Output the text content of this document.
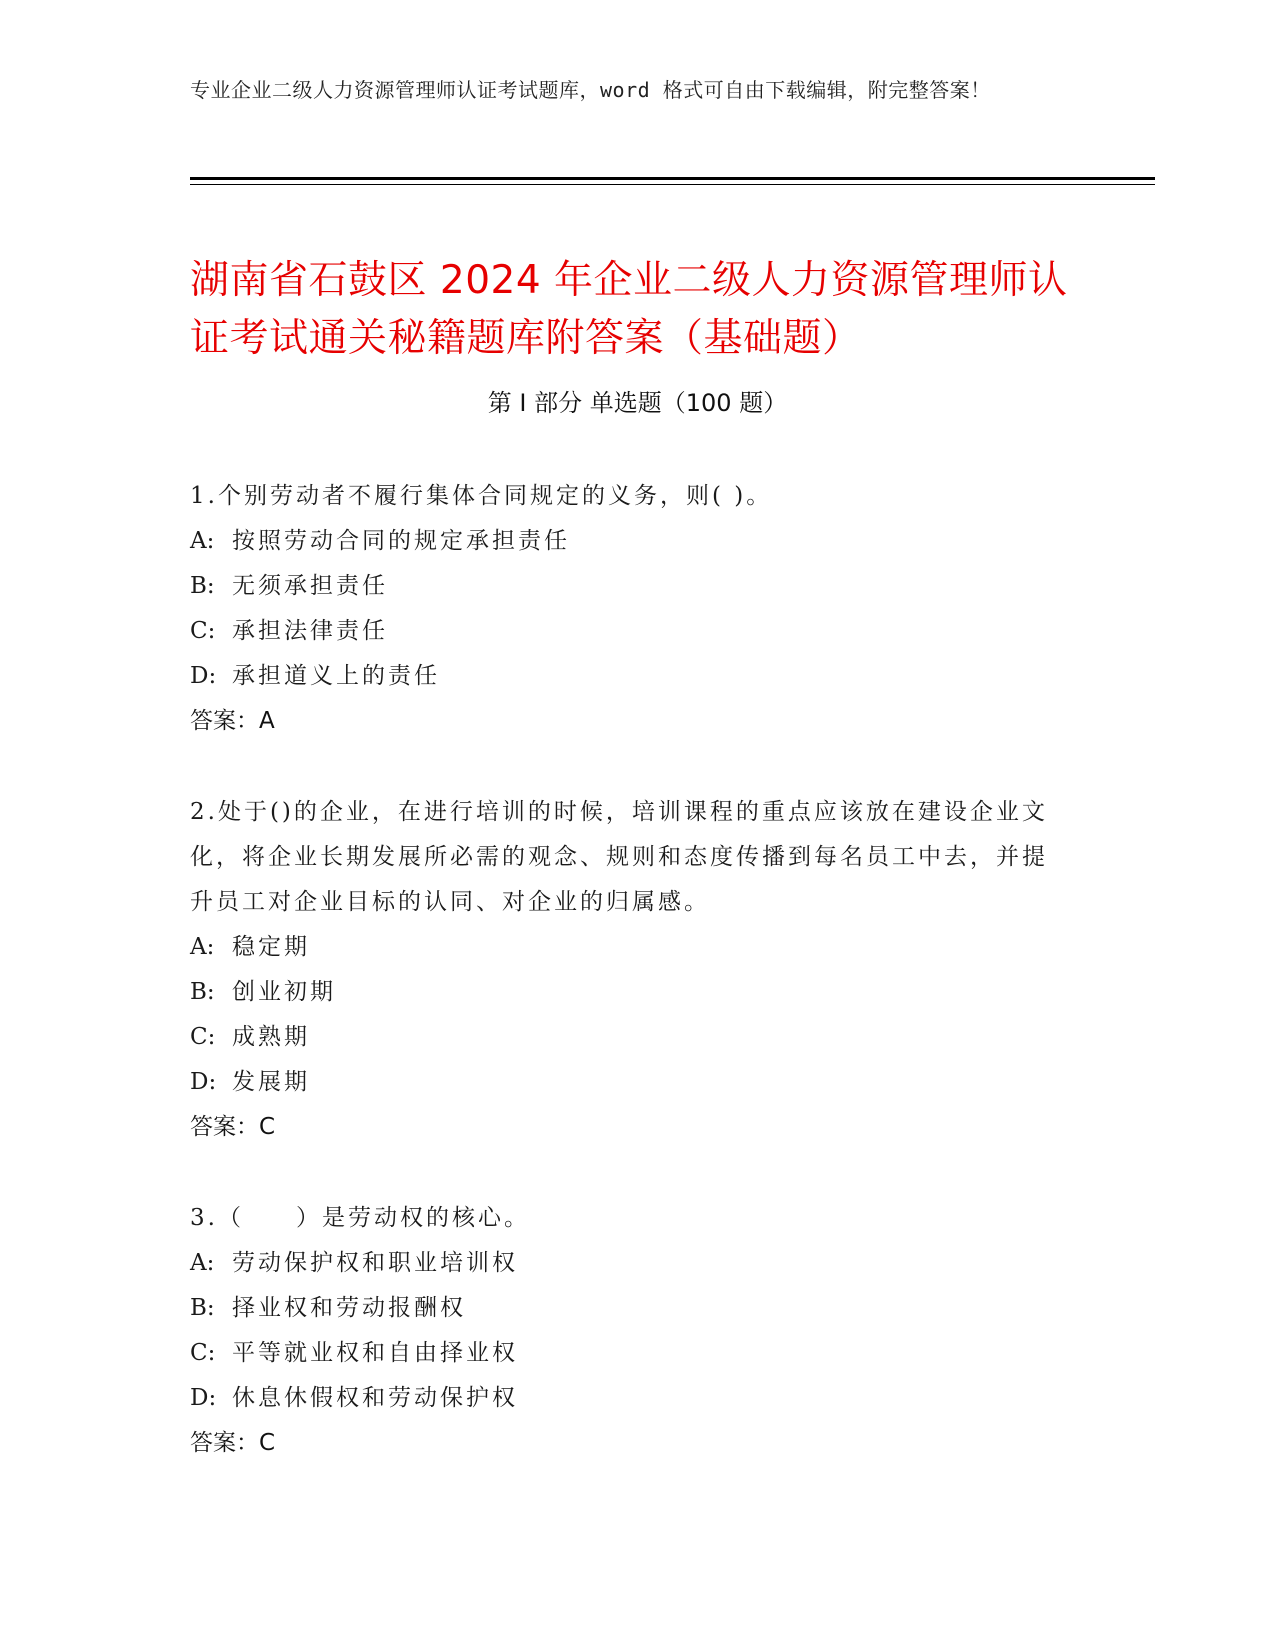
专业企业二级人力资源管理师认证考试题库，word 格式可自由下载编辑，附完整答案！
湖南省石鼓区 2024 年企业二级人力资源管理师认证考试通关秘籍题库附答案（基础题）
第 I 部分 单选题（100 题）

1.个别劳动者不履行集体合同规定的义务，则( )。

A: 按照劳动合同的规定承担责任

B: 无须承担责任

C: 承担法律责任

D: 承担道义上的责任

答案：A

2.处于()的企业，在进行培训的时候，培训课程的重点应该放在建设企业文化，将企业长期发展所必需的观念、规则和态度传播到每名员工中去，并提升员工对企业目标的认同、对企业的归属感。

A: 稳定期

B: 创业初期

C: 成熟期

D: 发展期

答案：C

3.（　　）是劳动权的核心。

A: 劳动保护权和职业培训权

B: 择业权和劳动报酬权

C: 平等就业权和自由择业权

D: 休息休假权和劳动保护权

答案：C
